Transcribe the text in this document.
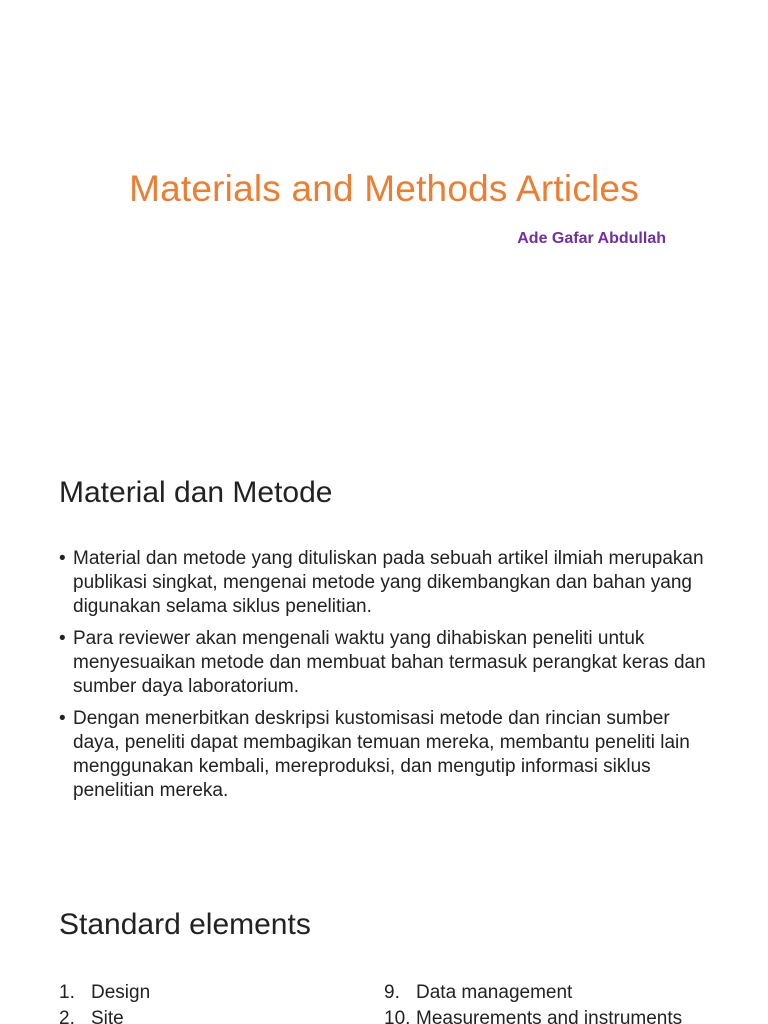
Materials and Methods Articles
Ade Gafar Abdullah
Material dan Metode
• Material dan metode yang dituliskan pada sebuah artikel ilmiah merupakan publikasi singkat, mengenai metode yang dikembangkan dan bahan yang digunakan selama siklus penelitian.
• Para reviewer akan mengenali waktu yang dihabiskan peneliti untuk menyesuaikan metode dan membuat bahan termasuk perangkat keras dan sumber daya laboratorium.
• Dengan menerbitkan deskripsi kustomisasi metode dan rincian sumber daya, peneliti dapat membagikan temuan mereka, membantu peneliti lain menggunakan kembali, mereproduksi, dan mengutip informasi siklus penelitian mereka.
Standard elements
1. Design
2. Site
9. Data management
10. Measurements and instruments
